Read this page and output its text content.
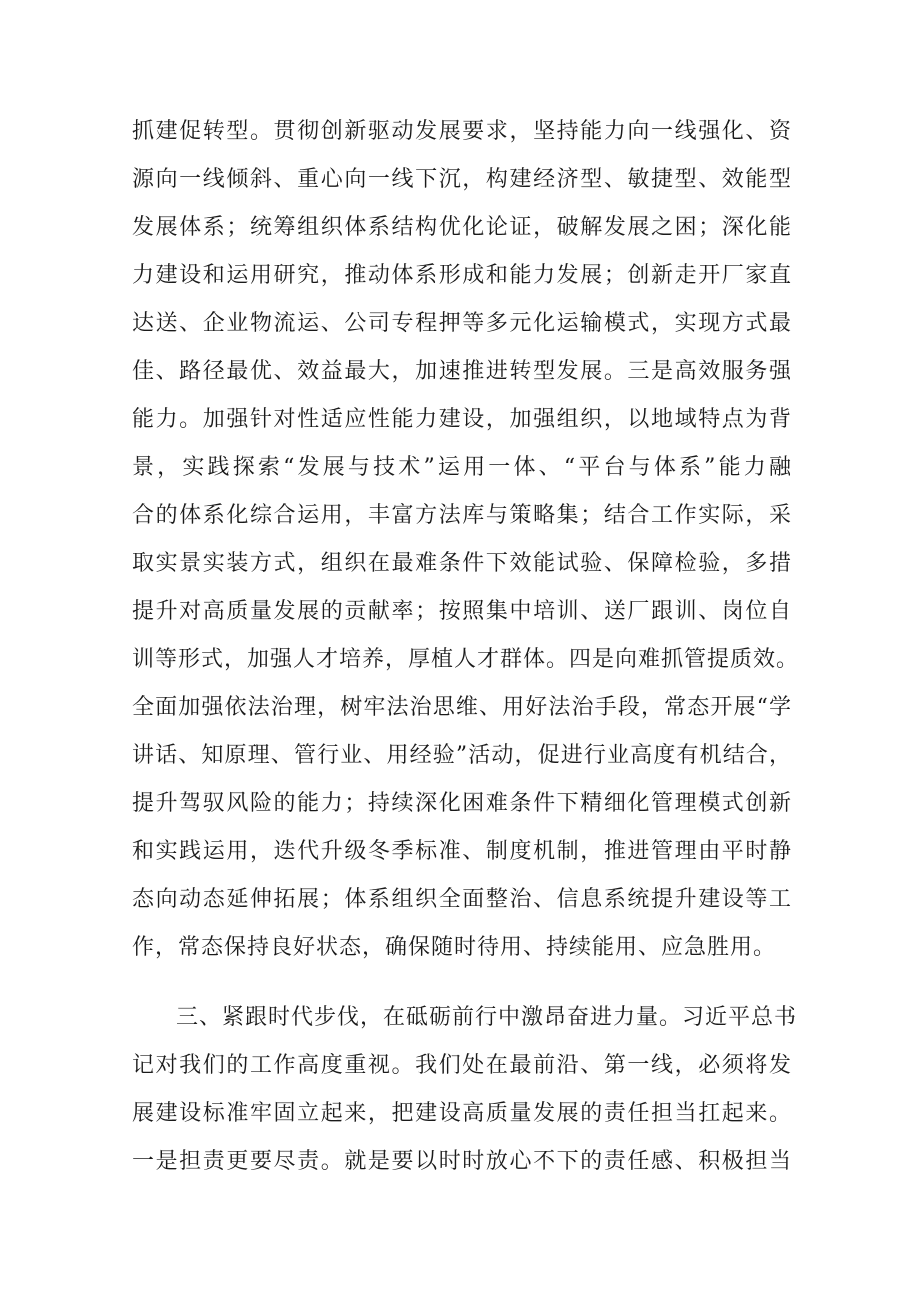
抓建促转型。贯彻创新驱动发展要求，坚持能力向一线强化、资
源向一线倾斜、重心向一线下沉，构建经济型、敏捷型、效能型
发展体系；统筹组织体系结构优化论证，破解发展之困；深化能
力建设和运用研究，推动体系形成和能力发展；创新走开厂家直
达送、企业物流运、公司专程押等多元化运输模式，实现方式最
佳、路径最优、效益最大，加速推进转型发展。三是高效服务强
能力。加强针对性适应性能力建设，加强组织，以地域特点为背
景，实践探索“发展与技术”运用一体、“平台与体系”能力融
合的体系化综合运用，丰富方法库与策略集；结合工作实际，采
取实景实装方式，组织在最难条件下效能试验、保障检验，多措
提升对高质量发展的贡献率；按照集中培训、送厂跟训、岗位自
训等形式，加强人才培养，厚植人才群体。四是向难抓管提质效。
全面加强依法治理，树牢法治思维、用好法治手段，常态开展“学
讲话、知原理、管行业、用经验”活动，促进行业高度有机结合，
提升驾驭风险的能力；持续深化困难条件下精细化管理模式创新
和实践运用，迭代升级冬季标准、制度机制，推进管理由平时静
态向动态延伸拓展；体系组织全面整治、信息系统提升建设等工
作，常态保持良好状态，确保随时待用、持续能用、应急胜用。
三、紧跟时代步伐，在砥砺前行中激昂奋进力量。习近平总书
记对我们的工作高度重视。我们处在最前沿、第一线，必须将发
展建设标准牢固立起来，把建设高质量发展的责任担当扛起来。
一是担责更要尽责。就是要以时时放心不下的责任感、积极担当
